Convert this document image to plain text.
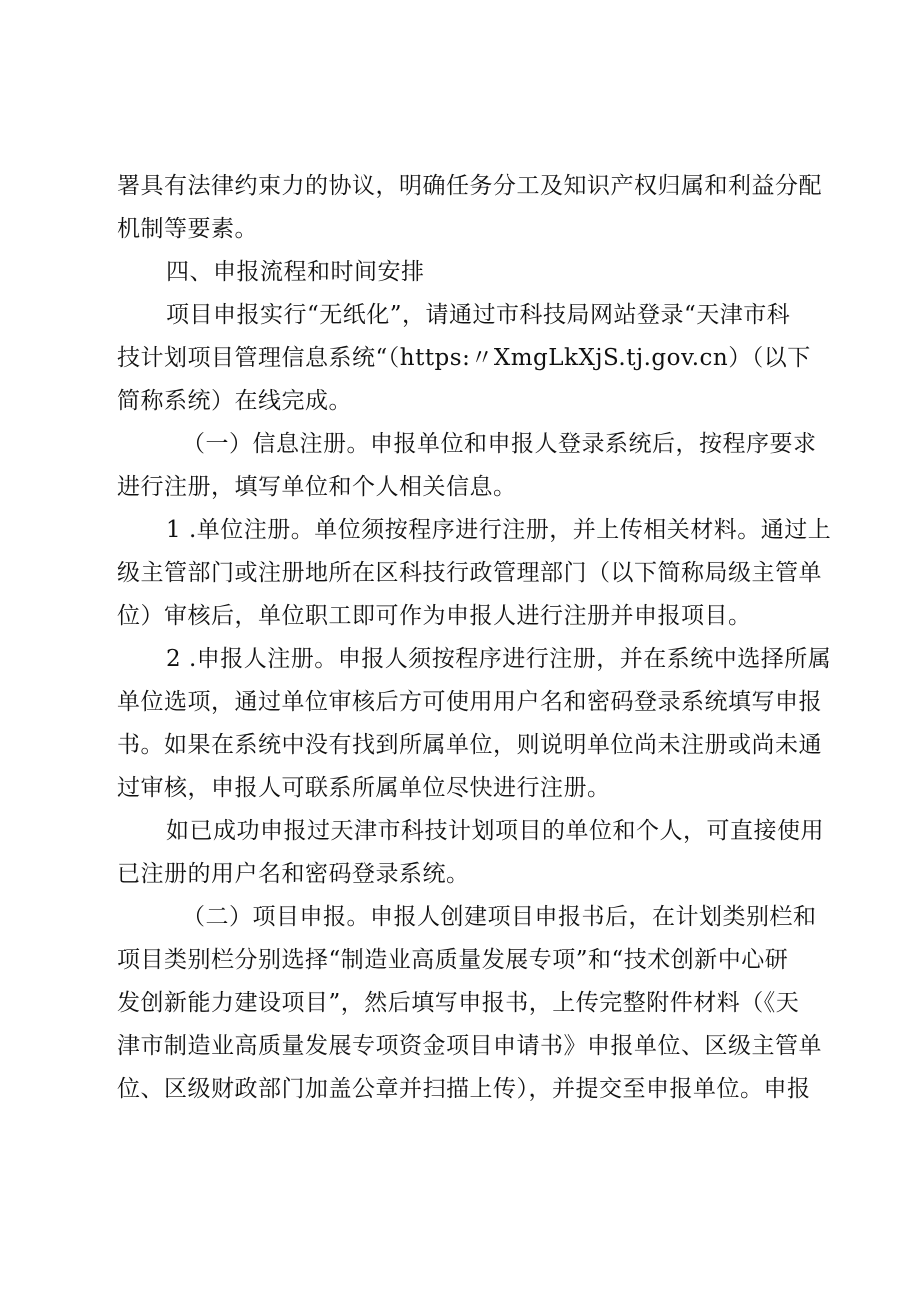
署具有法律约束力的协议，明确任务分工及知识产权归属和利益分配
机制等要素。
四、申报流程和时间安排
项目申报实行“无纸化”，请通过市科技局网站登录“天津市科
技计划项目管理信息系统“（https:〃XmgLkXjS.tj.gov.cn）（以下
简称系统）在线完成。
（一）信息注册。申报单位和申报人登录系统后，按程序要求
进行注册，填写单位和个人相关信息。
1 .单位注册。单位须按程序进行注册，并上传相关材料。通过上
级主管部门或注册地所在区科技行政管理部门（以下简称局级主管单
位）审核后，单位职工即可作为申报人进行注册并申报项目。
2 .申报人注册。申报人须按程序进行注册，并在系统中选择所属
单位选项，通过单位审核后方可使用用户名和密码登录系统填写申报
书。如果在系统中没有找到所属单位，则说明单位尚未注册或尚未通
过审核，申报人可联系所属单位尽快进行注册。
如已成功申报过天津市科技计划项目的单位和个人，可直接使用
已注册的用户名和密码登录系统。
（二）项目申报。申报人创建项目申报书后，在计划类别栏和
项目类别栏分别选择“制造业高质量发展专项”和“技术创新中心研
发创新能力建设项目”，然后填写申报书，上传完整附件材料（《天
津市制造业高质量发展专项资金项目申请书》申报单位、区级主管单
位、区级财政部门加盖公章并扫描上传），并提交至申报单位。申报
